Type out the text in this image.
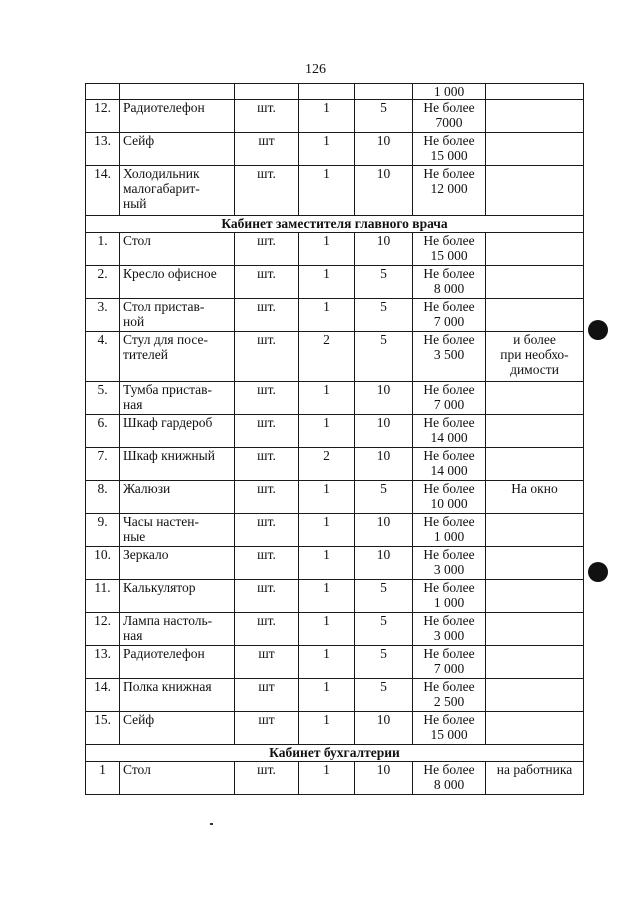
126
					1 000	
12.	Радиотелефон	шт.	1	5	Не более
7000	
13.	Сейф	шт	1	10	Не более
15 000	
14.	Холодильник
малогабарит-
ный	шт.	1	10	Не более
12 000	
Кабинет заместителя главного врача						
1.	Стол	шт.	1	10	Не более
15 000	
2.	Кресло офисное	шт.	1	5	Не более
8 000	
3.	Стол пристав-
ной	шт.	1	5	Не более
7 000	
4.	Стул для посе-
тителей	шт.	2	5	Не более
3 500	и более
при необхо-
димости
5.	Тумба пристав-
ная	шт.	1	10	Не более
7 000	
6.	Шкаф гардероб	шт.	1	10	Не более
14 000	
7.	Шкаф книжный	шт.	2	10	Не более
14 000	
8.	Жалюзи	шт.	1	5	Не более
10 000	На окно
9.	Часы настен-
ные	шт.	1	10	Не более
1 000	
10.	Зеркало	шт.	1	10	Не более
3 000	
11.	Калькулятор	шт.	1	5	Не более
1 000	
12.	Лампа настоль-
ная	шт.	1	5	Не более
3 000	
13.	Радиотелефон	шт	1	5	Не более
7 000	
14.	Полка книжная	шт	1	5	Не более
2 500	
15.	Сейф	шт	1	10	Не более
15 000	
Кабинет бухгалтерии						
1	Стол	шт.	1	10	Не более
8 000	на работника
